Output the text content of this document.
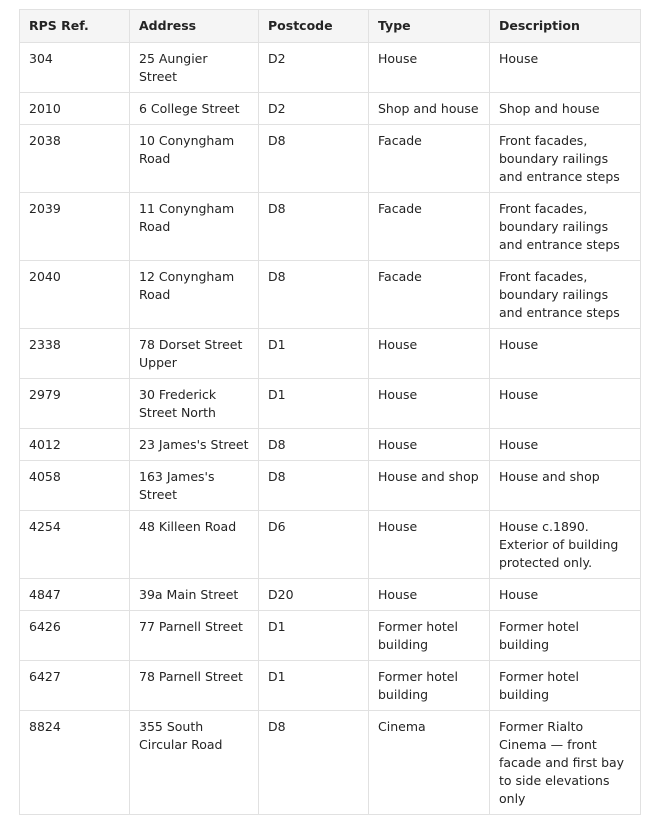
RPS Ref.	Address	Postcode	Type	Description
304	25 Aungier Street	D2	House	House
2010	6 College Street	D2	Shop and house	Shop and house
2038	10 Conyngham Road	D8	Facade	Front facades, boundary railings and entrance steps
2039	11 Conyngham Road	D8	Facade	Front facades, boundary railings and entrance steps
2040	12 Conyngham Road	D8	Facade	Front facades, boundary railings and entrance steps
2338	78 Dorset Street Upper	D1	House	House
2979	30 Frederick Street North	D1	House	House
4012	23 James's Street	D8	House	House
4058	163 James's Street	D8	House and shop	House and shop
4254	48 Killeen Road	D6	House	House c.1890. Exterior of building protected only.
4847	39a Main Street	D20	House	House
6426	77 Parnell Street	D1	Former hotel building	Former hotel building
6427	78 Parnell Street	D1	Former hotel building	Former hotel building
8824	355 South Circular Road	D8	Cinema	Former Rialto Cinema — front facade and first bay to side elevations only
